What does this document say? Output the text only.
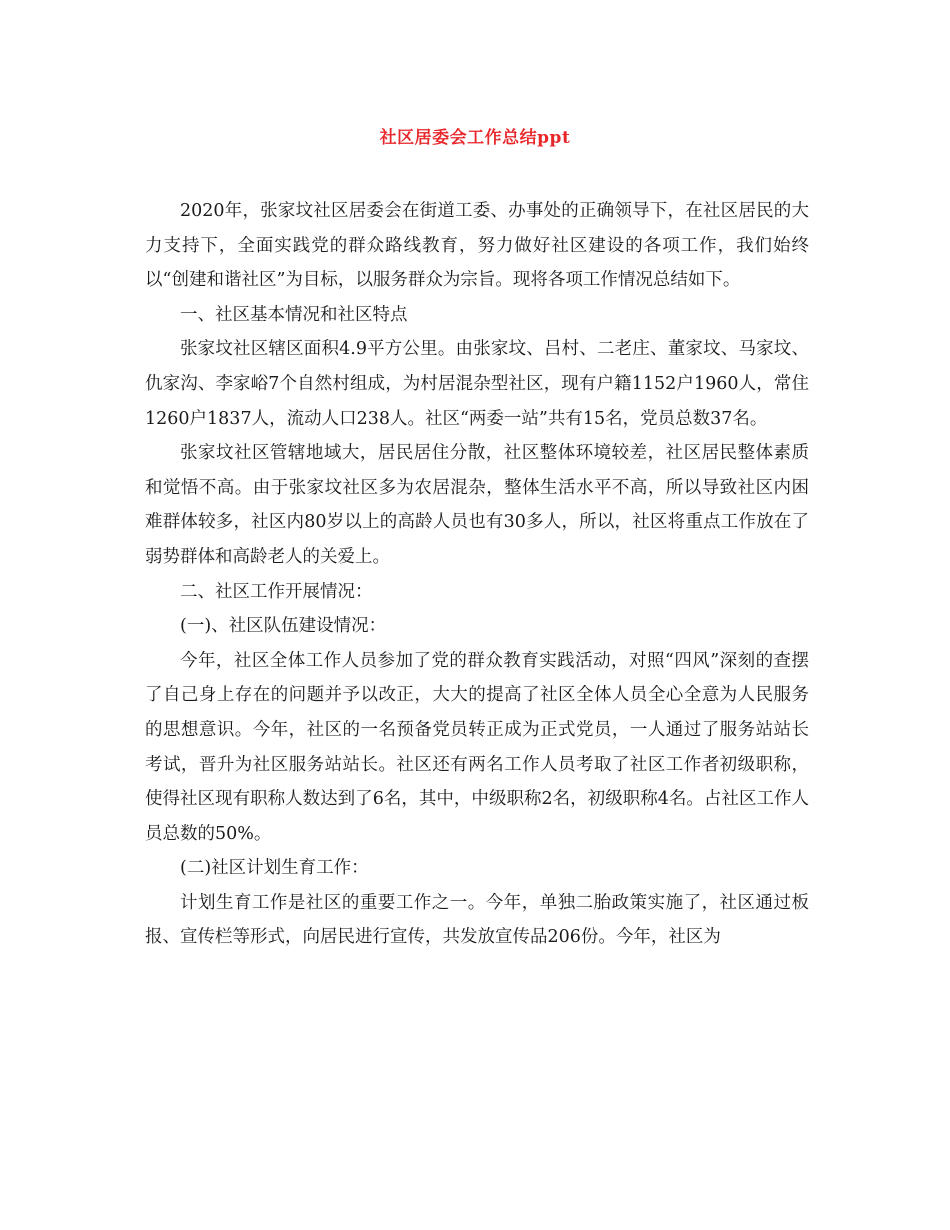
社区居委会工作总结ppt

2020年，张家坟社区居委会在街道工委、办事处的正确领导下，在社区居民的大力支持下，全面实践党的群众路线教育，努力做好社区建设的各项工作，我们始终以“创建和谐社区”为目标，以服务群众为宗旨。现将各项工作情况总结如下。

一、社区基本情况和社区特点

张家坟社区辖区面积4.9平方公里。由张家坟、吕村、二老庄、董家坟、马家坟、仇家沟、李家峪7个自然村组成，为村居混杂型社区，现有户籍1152户1960人，常住1260户1837人，流动人口238人。社区“两委一站”共有15名，党员总数37名。

张家坟社区管辖地域大，居民居住分散，社区整体环境较差，社区居民整体素质和觉悟不高。由于张家坟社区多为农居混杂，整体生活水平不高，所以导致社区内困难群体较多，社区内80岁以上的高龄人员也有30多人，所以，社区将重点工作放在了弱势群体和高龄老人的关爱上。

二、社区工作开展情况：

(一)、社区队伍建设情况：

今年，社区全体工作人员参加了党的群众教育实践活动，对照“四风”深刻的查摆了自己身上存在的问题并予以改正，大大的提高了社区全体人员全心全意为人民服务的思想意识。今年，社区的一名预备党员转正成为正式党员，一人通过了服务站站长考试，晋升为社区服务站站长。社区还有两名工作人员考取了社区工作者初级职称，使得社区现有职称人数达到了6名，其中，中级职称2名，初级职称4名。占社区工作人员总数的50%。

(二)社区计划生育工作：

计划生育工作是社区的重要工作之一。今年，单独二胎政策实施了，社区通过板报、宣传栏等形式，向居民进行宣传，共发放宣传品206份。今年，社区为
